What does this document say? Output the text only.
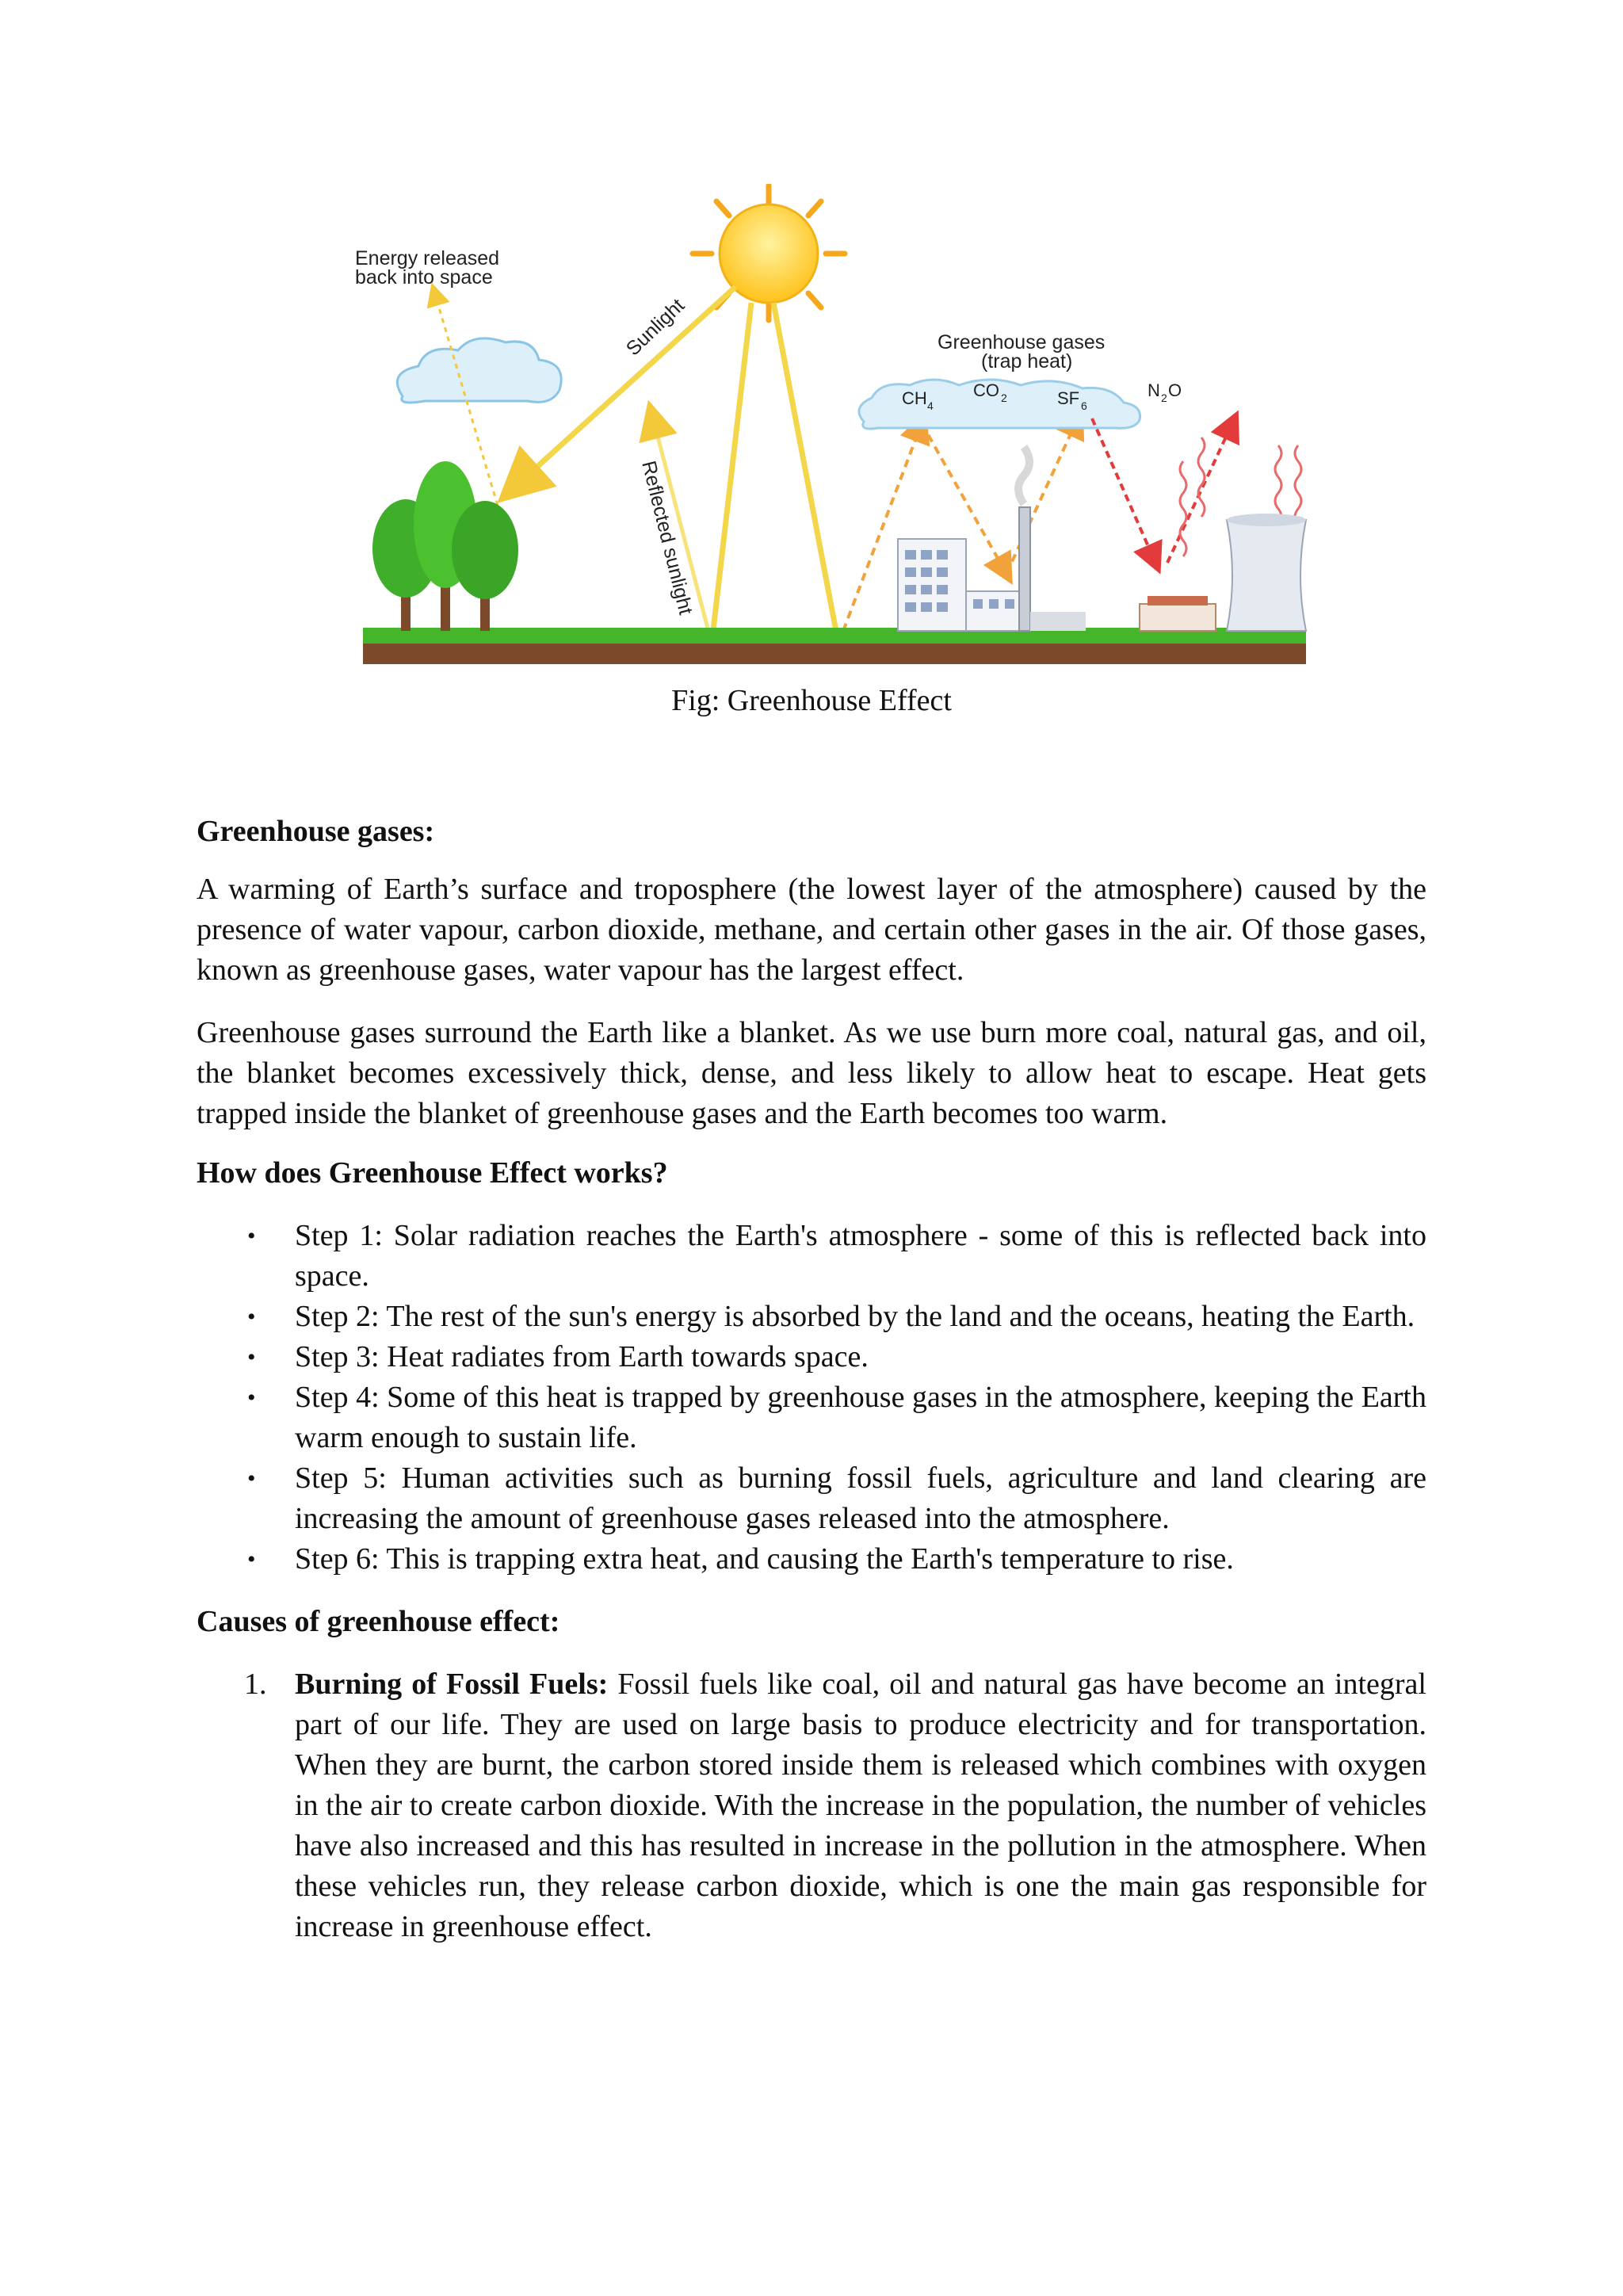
Energy released
back into space
Sunlight
Reflected sunlight
Greenhouse gases
(trap heat)
CH 4
CO 2	SF 6
N 2 O
Fig: Greenhouse Effect
Greenhouse gases:

A warming of Earth’s surface and troposphere (the lowest layer of the atmosphere) caused by the presence of water vapour, carbon dioxide, methane, and certain other gases in the air. Of those gases, known as greenhouse gases, water vapour has the largest effect.

Greenhouse gases surround the Earth like a blanket. As we use burn more coal, natural gas, and oil, the blanket becomes excessively thick, dense, and less likely to allow heat to escape. Heat gets trapped inside the blanket of greenhouse gases and the Earth becomes too warm.

How does Greenhouse Effect works?
• Step 1: Solar radiation reaches the Earth's atmosphere - some of this is reflected back into space.
• Step 2: The rest of the sun's energy is absorbed by the land and the oceans, heating the Earth.
• Step 3: Heat radiates from Earth towards space.
• Step 4: Some of this heat is trapped by greenhouse gases in the atmosphere, keeping the Earth warm enough to sustain life.
• Step 5: Human activities such as burning fossil fuels, agriculture and land clearing are increasing the amount of greenhouse gases released into the atmosphere.
• Step 6: This is trapping extra heat, and causing the Earth's temperature to rise.
Causes of greenhouse effect:
1. Burning of Fossil Fuels: Fossil fuels like coal, oil and natural gas have become an integral part of our life. They are used on large basis to produce electricity and for transportation. When they are burnt, the carbon stored inside them is released which combines with oxygen in the air to create carbon dioxide. With the increase in the population, the number of vehicles have also increased and this has resulted in increase in the pollution in the atmosphere. When these vehicles run, they release carbon dioxide, which is one the main gas responsible for increase in greenhouse effect.
